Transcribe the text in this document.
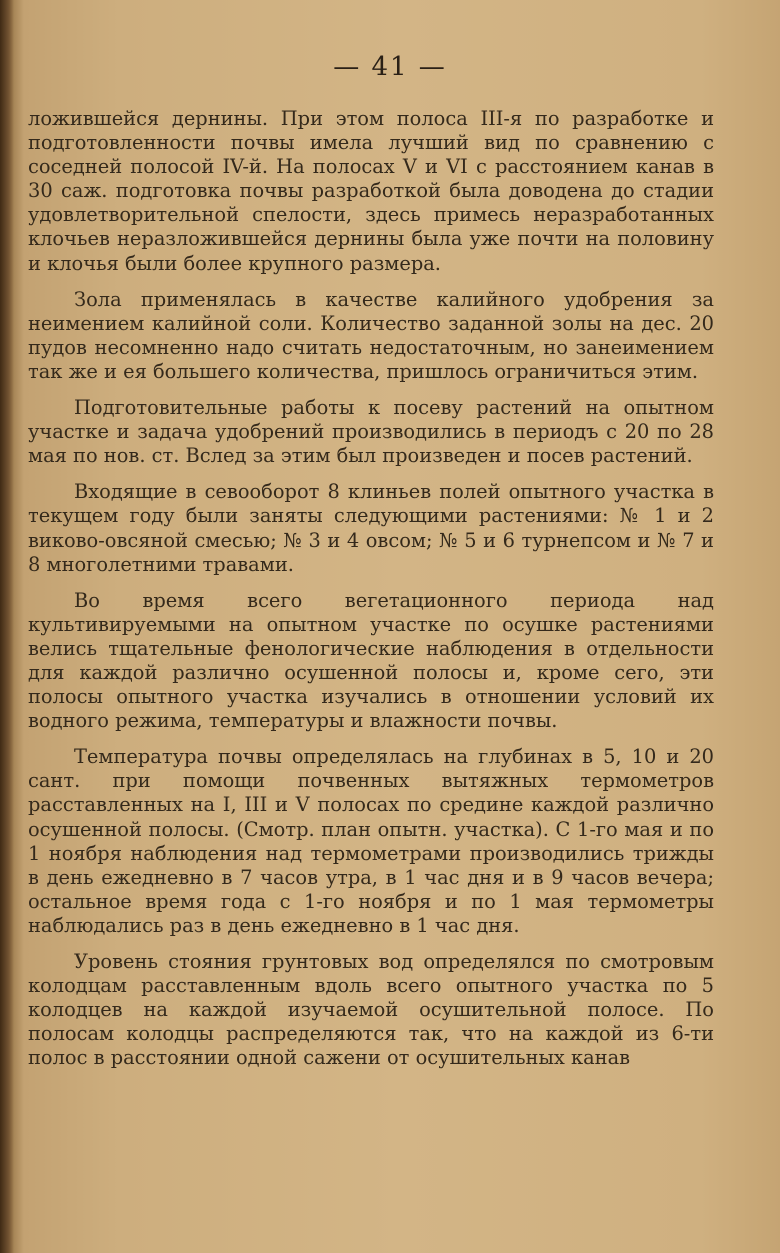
— 41 —

ложившейся дернины. При этом полоса III-я по разработке и подготовленности почвы имела лучший вид по сравнению с соседней полосой IV-й. На полосах V и VI с расстоянием канав в 30 саж. подготовка почвы разработкой была доводена до стадии удовлетворительной спелости, здесь примесь неразработанных клочьев неразложившейся дернины была уже почти на половину и клочья были более крупного размера.

Зола применялась в качестве калийного удобрения за неимением калийной соли. Количество заданной золы на дес. 20 пудов несомненно надо считать недостаточным, но занеимением так же и ея большего количества, пришлось ограничиться этим.

Подготовительные работы к посеву растений на опытном участке и задача удобрений производились в периодъ с 20 по 28 мая по нов. ст. Вслед за этим был произведен и посев растений.

Входящие в севооборот 8 клиньев полей опытного участка в текущем году были заняты следующими растениями: № 1 и 2 виково-овсяной смесью; № 3 и 4 овсом; № 5 и 6 турнепсом и № 7 и 8 многолетними травами.

Во время всего вегетационного периода над культивируемыми на опытном участке по осушке растениями велись тщательные фенологические наблюдения в отдельности для каждой различно осушенной полосы и, кроме сего, эти полосы опытного участка изучались в отношении условий их водного режима, температуры и влажности почвы.

Температура почвы определялась на глубинах в 5, 10 и 20 сант. при помощи почвенных вытяжных термометров расставленных на I, III и V полосах по средине каждой различно осушенной полосы. (Смотр. план опытн. участка). С 1-го мая и по 1 ноября наблюдения над термометрами производились трижды в день ежедневно в 7 часов утра, в 1 час дня и в 9 часов вечера; остальное время года с 1-го ноября и по 1 мая термометры наблюдались раз в день ежедневно в 1 час дня.

Уровень стояния грунтовых вод определялся по смотровым колодцам расставленным вдоль всего опытного участка по 5 колодцев на каждой изучаемой осушительной полосе. По полосам колодцы распределяются так, что на каждой из 6-ти полос в расстоянии одной сажени от осушительных канав
